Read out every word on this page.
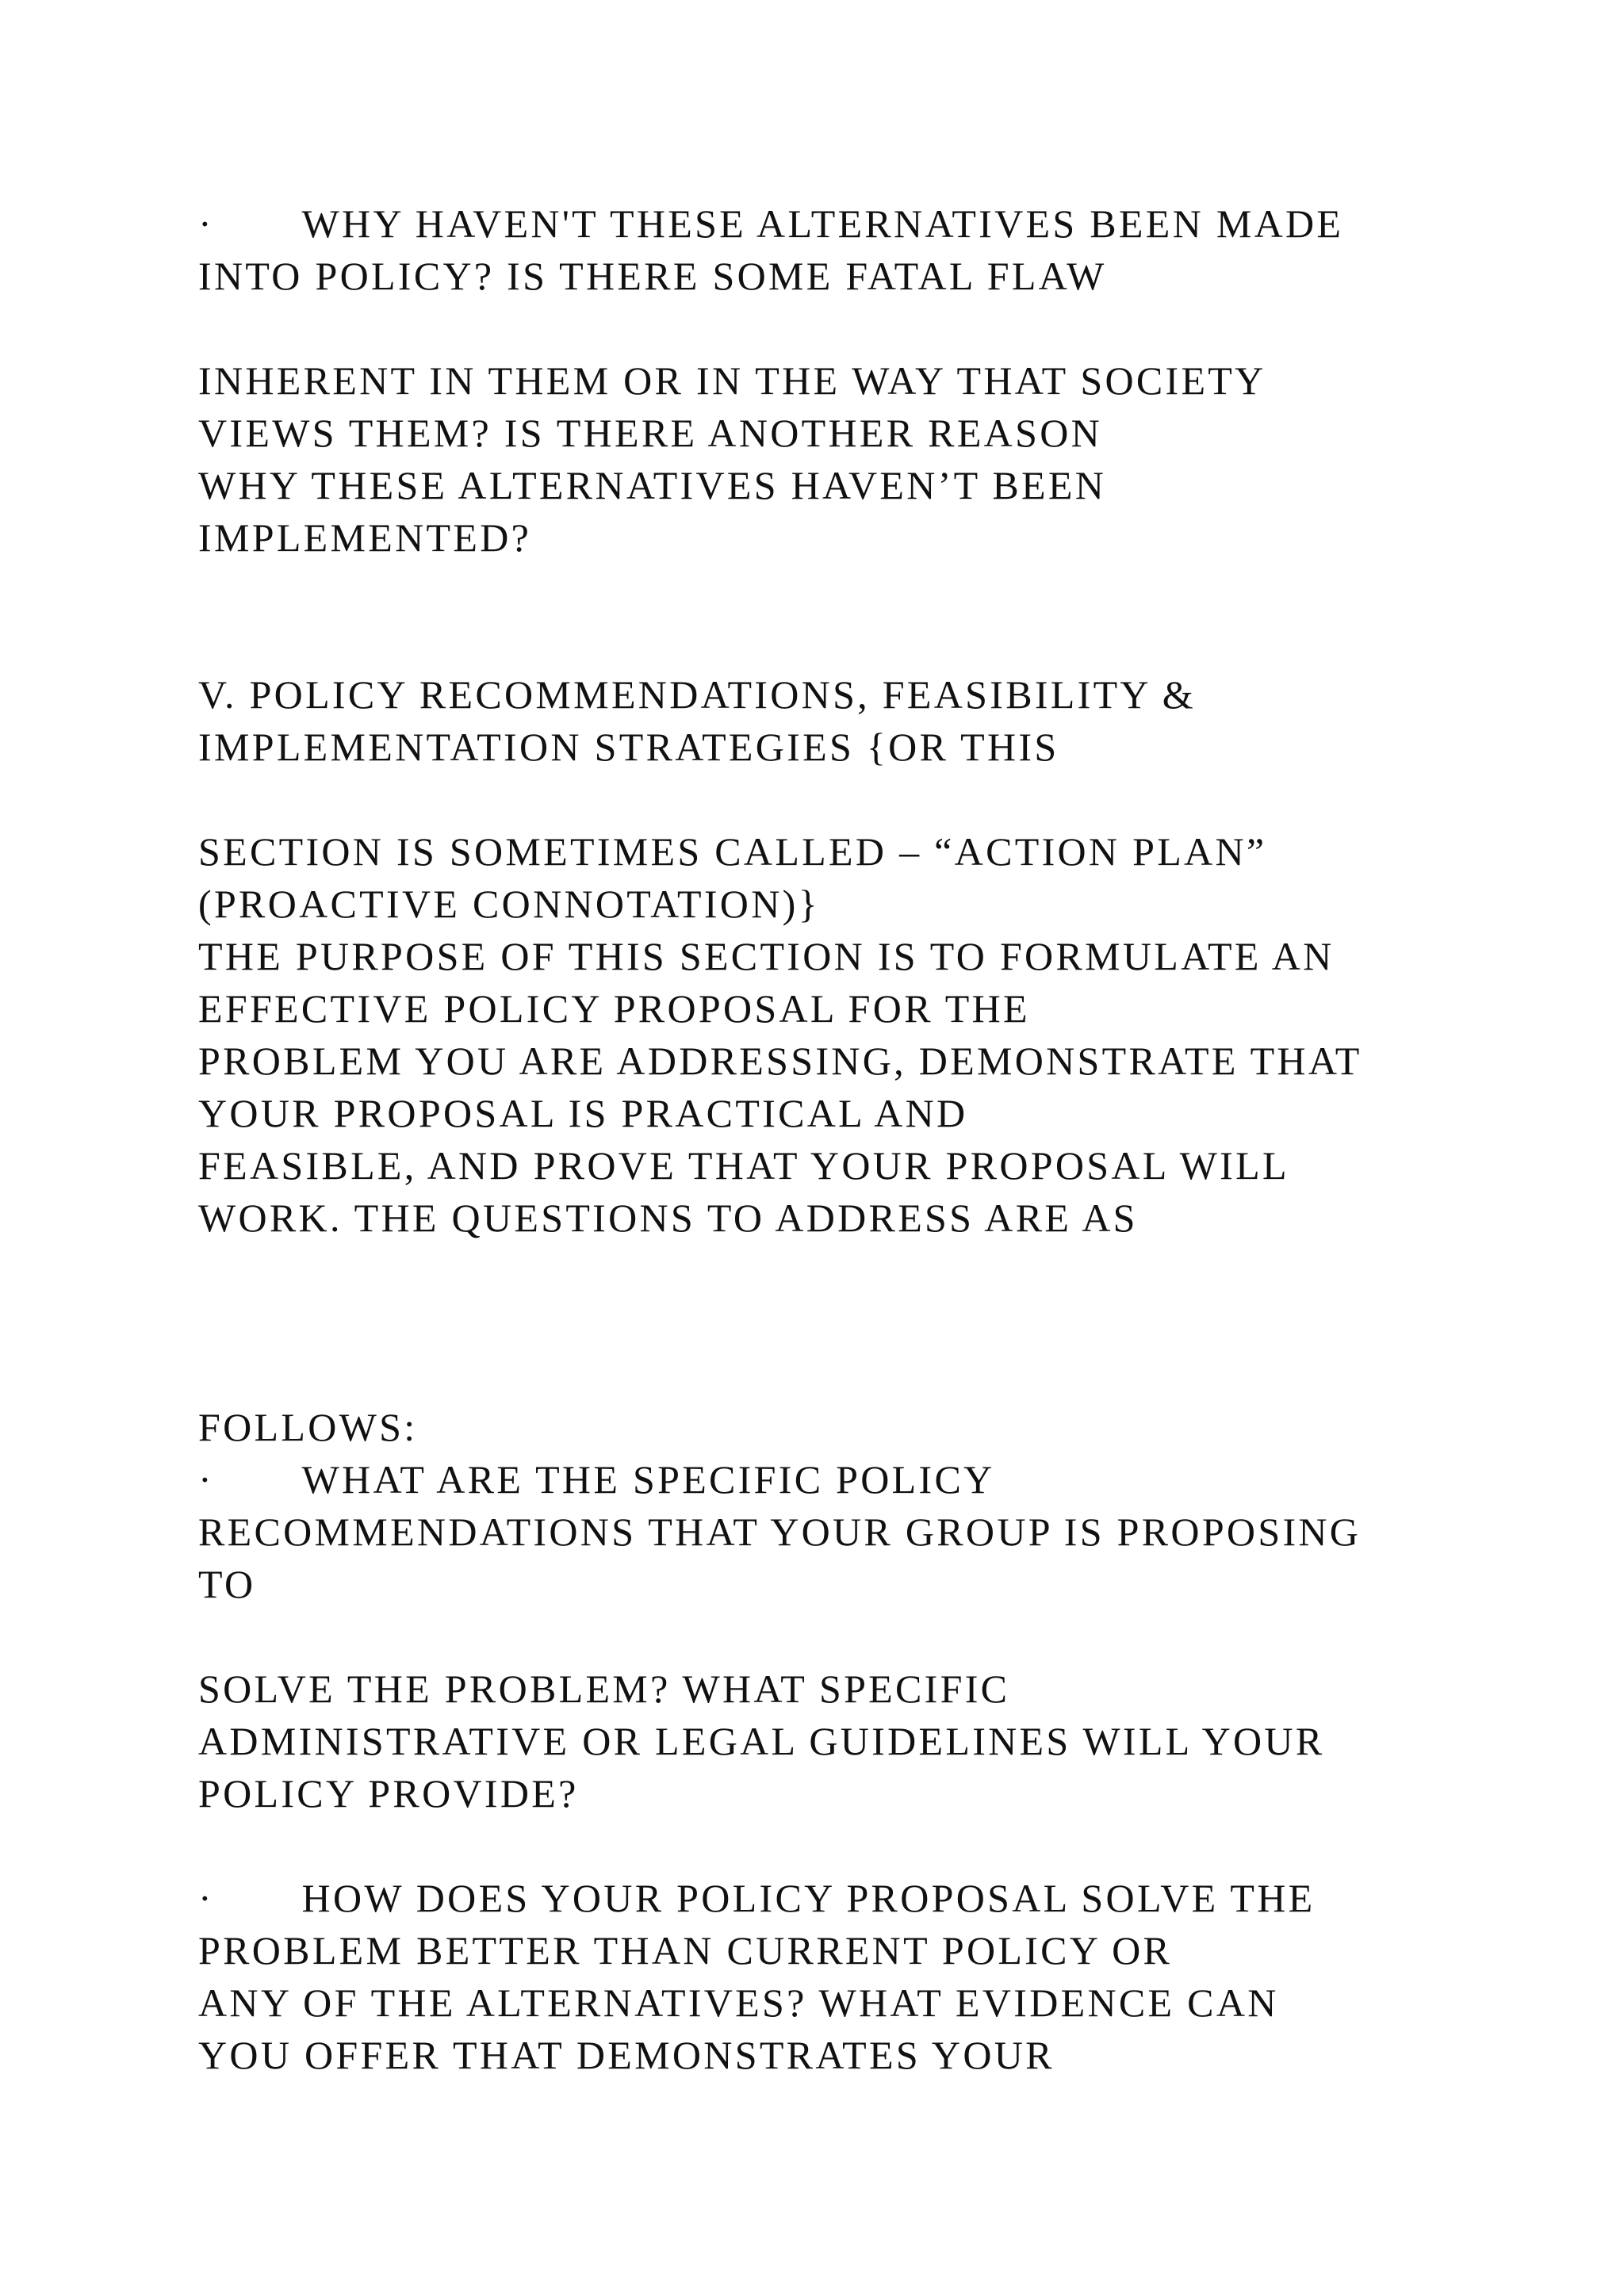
·       WHY HAVEN'T THESE ALTERNATIVES BEEN MADE

INTO POLICY? IS THERE SOME FATAL FLAW

INHERENT IN THEM OR IN THE WAY THAT SOCIETY

VIEWS THEM? IS THERE ANOTHER REASON

WHY THESE ALTERNATIVES HAVEN’T BEEN

IMPLEMENTED?

V. POLICY RECOMMENDATIONS, FEASIBILITY &

IMPLEMENTATION STRATEGIES {OR THIS

SECTION IS SOMETIMES CALLED – “ACTION PLAN”

(PROACTIVE CONNOTATION)}

THE PURPOSE OF THIS SECTION IS TO FORMULATE AN

EFFECTIVE POLICY PROPOSAL FOR THE

PROBLEM YOU ARE ADDRESSING, DEMONSTRATE THAT

YOUR PROPOSAL IS PRACTICAL AND

FEASIBLE, AND PROVE THAT YOUR PROPOSAL WILL

WORK. THE QUESTIONS TO ADDRESS ARE AS

FOLLOWS:

·       WHAT ARE THE SPECIFIC POLICY

RECOMMENDATIONS THAT YOUR GROUP IS PROPOSING

TO

SOLVE THE PROBLEM? WHAT SPECIFIC

ADMINISTRATIVE OR LEGAL GUIDELINES WILL YOUR

POLICY PROVIDE?

·       HOW DOES YOUR POLICY PROPOSAL SOLVE THE

PROBLEM BETTER THAN CURRENT POLICY OR

ANY OF THE ALTERNATIVES? WHAT EVIDENCE CAN

YOU OFFER THAT DEMONSTRATES YOUR
